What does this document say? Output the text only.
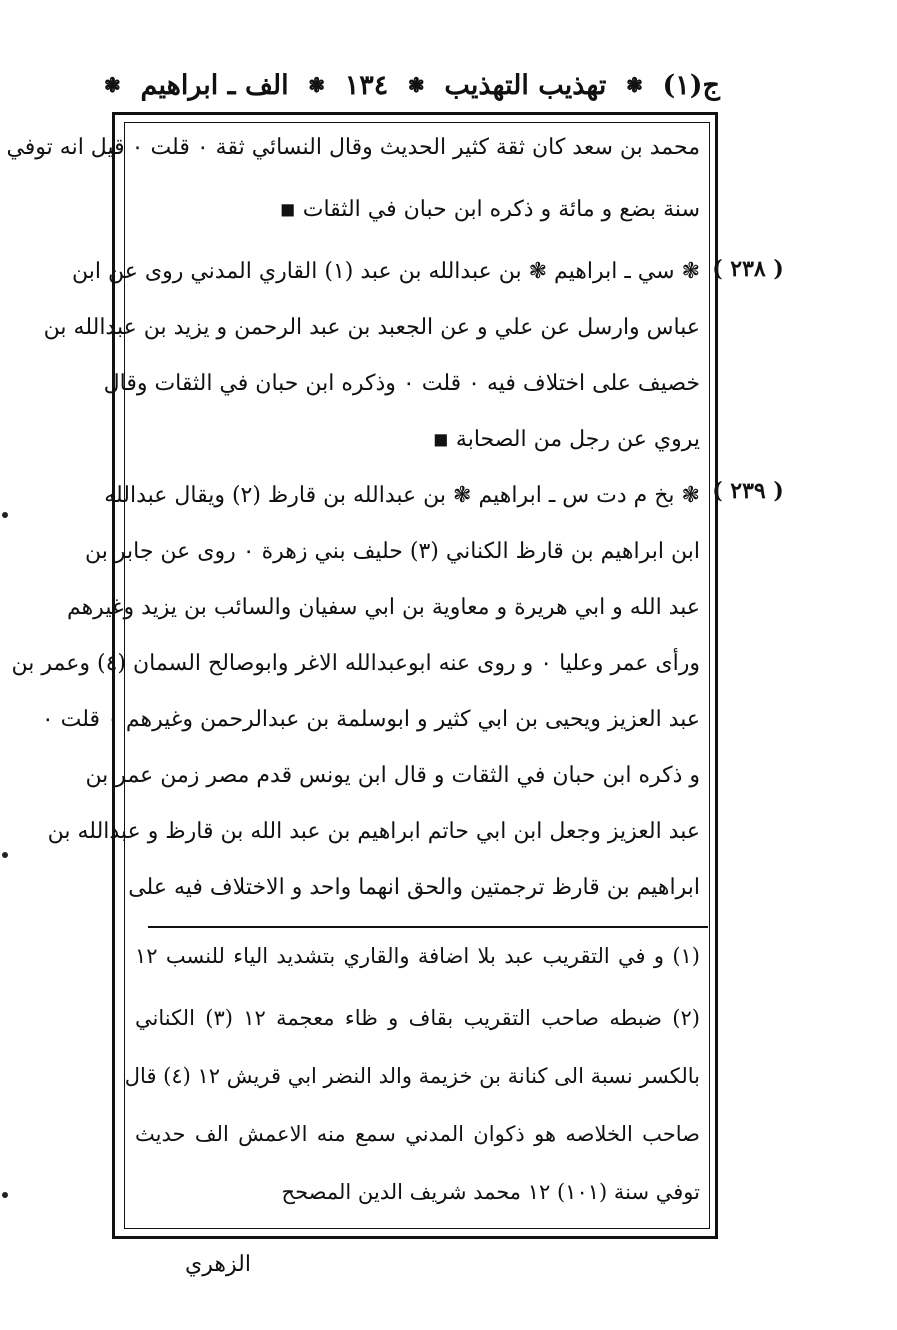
ج(١)
❃
تهذيب التهذيب
❃
١٣٤
❃
الف ـ ابراهيم
❃
( ٢٣٨ )
( ٢٣٩ )
محمد بن سعد كان ثقة كثير الحديث وقال النسائي ثقة ۰ قلت ۰ قيل انه توفي
سنة بضع و مائة و ذكره ابن حبان في الثقات ◾
❃ سي ـ ابراهيم ❃ بن عبدالله بن عبد (١) القاري المدني روى عن ابن
عباس وارسل عن علي و عن الجعبد بن عبد الرحمن و يزيد بن عبدالله بن
خصيف على اختلاف فيه ۰ قلت ۰ وذكره ابن حبان في الثقات وقال
يروي عن رجل من الصحابة ◾
❃ بخ م دت س ـ ابراهيم ❃ بن عبدالله بن قارظ (٢) ويقال عبدالله
ابن ابراهيم بن قارظ الكناني (٣) حليف بني زهرة ۰ روى عن جابر بن
عبد الله و ابي هريرة و معاوية بن ابي سفيان والسائب بن يزيد وغيرهم
ورأى عمر وعليا ۰ و روى عنه ابوعبدالله الاغر وابوصالح السمان (٤) وعمر بن
عبد العزيز ويحيى بن ابي كثير و ابوسلمة بن عبدالرحمن وغيرهم ۰ قلت ۰
و ذكره ابن حبان في الثقات و قال ابن يونس قدم مصر زمن عمر بن
عبد العزيز وجعل ابن ابي حاتم ابراهيم بن عبد الله بن قارظ و عبدالله بن
ابراهيم بن قارظ ترجمتين والحق انهما واحد و الاختلاف فيه على
(١) و في التقريب عبد بلا اضافة والقاري بتشديد الياء للنسب ١٢
(٢) ضبطه صاحب التقريب بقاف و ظاء معجمة ١٢ (٣) الكناني
بالكسر نسبة الى كنانة بن خزيمة والد النضر ابي قريش ١٢ (٤) قال
صاحب الخلاصه هو ذكوان المدني سمع منه الاعمش الف حديث
توفي سنة (١٠١) ١٢ محمد شريف الدين المصحح
الزهري
